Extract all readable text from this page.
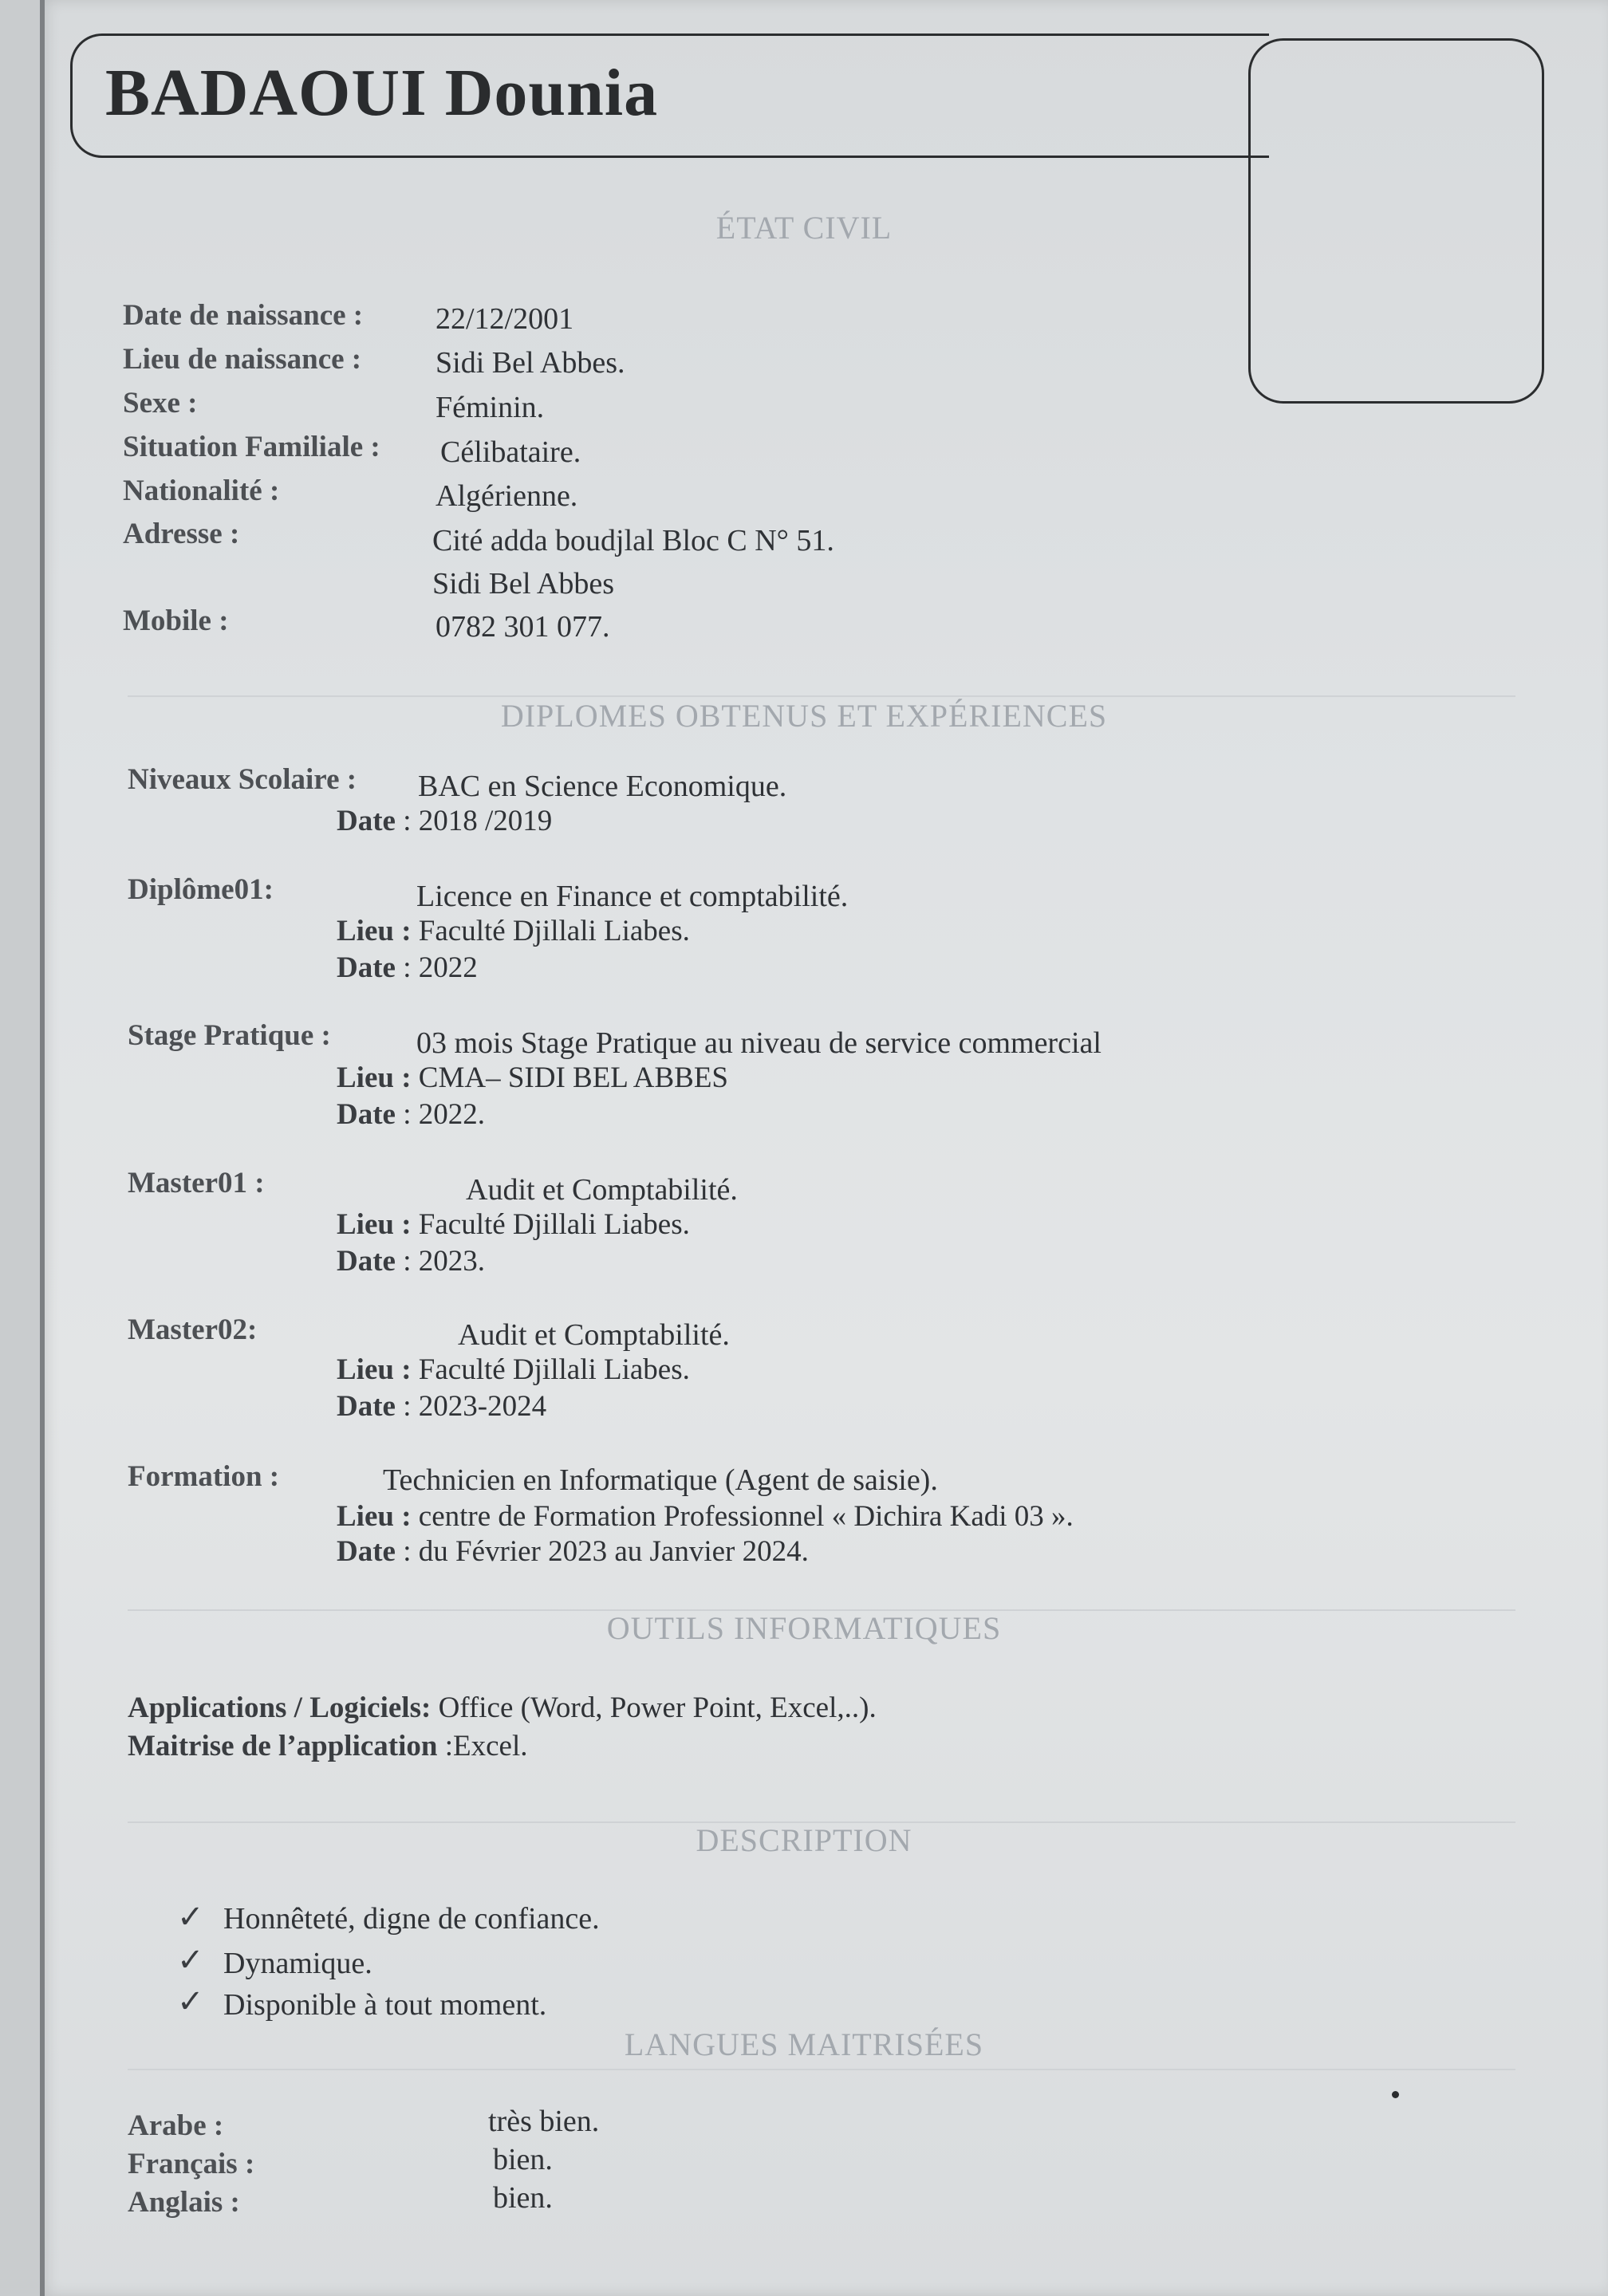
BADAOUI Dounia
ÉTAT CIVIL
Date de naissance : 22/12/2001
Lieu de naissance : Sidi Bel Abbes.
Sexe :	Féminin.
Situation Familiale : Célibataire.
Nationalité :	Algérienne.
Adresse :	Cité adda boudjlal Bloc C N° 51.
Sidi Bel Abbes
Mobile :	0782 301 077.
DIPLOMES OBTENUS ET EXPÉRIENCES
Niveaux Scolaire : BAC en Science Economique.
Date : 2018 /2019
Diplôme01:	Licence en Finance et comptabilité.
Lieu : Faculté Djillali Liabes.
Date : 2022
Stage Pratique :	03 mois Stage Pratique au niveau de service commercial
Lieu : CMA– SIDI BEL ABBES
Date : 2022.
Master01 :	Audit et Comptabilité.
Lieu : Faculté Djillali Liabes.
Date : 2023.
Master02:	Audit et Comptabilité.
Lieu : Faculté Djillali Liabes.
Date : 2023-2024
Formation :	Technicien en Informatique (Agent de saisie).
Lieu : centre de Formation Professionnel « Dichira Kadi 03 ».
Date : du Février 2023 au Janvier 2024.
OUTILS INFORMATIQUES
Applications / Logiciels: Office (Word, Power Point, Excel,..).
Maitrise de l’application :Excel.
DESCRIPTION
✓ Honnêteté, digne de confiance.
✓ Dynamique.
✓ Disponible à tout moment.
LANGUES MAITRISÉES
Arabe :	très bien.
Français :	bien.
Anglais :	bien.
